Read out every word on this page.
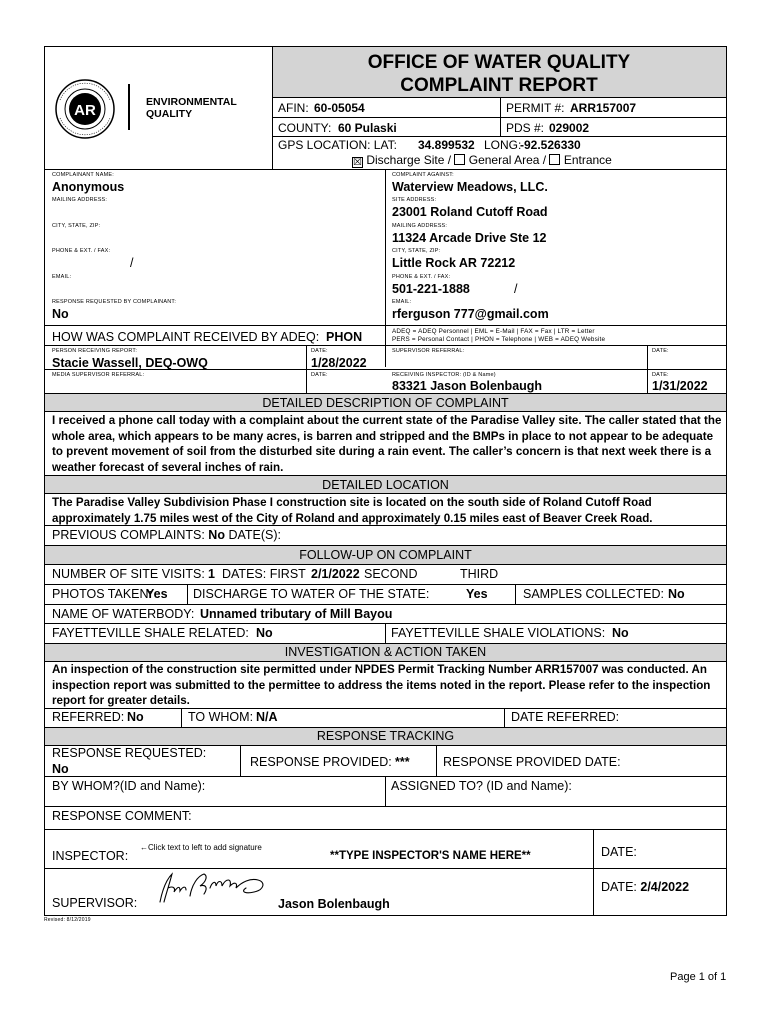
OFFICE OF WATER QUALITY
COMPLAINT REPORT
AR	ENVIRONMENTAL
QUALITY	AFIN: 60-05054	PERMIT #: ARR157007
COUNTY: 60 Pulaski	PDS #: 029002
GPS LOCATION: LAT: 34.899532 LONG:
-92.526330
☒ Discharge Site / General Area / Entrance
COMPLAINANT NAME:
Anonymous
MAILING ADDRESS:
CITY, STATE, ZIP:
PHONE & EXT. / FAX:
/
EMAIL:
RESPONSE REQUESTED BY COMPLAINANT:
No
COMPLAINT AGAINST:
Waterview Meadows, LLC.
SITE ADDRESS:
23001 Roland Cutoff Road
MAILING ADDRESS:
11324 Arcade Drive Ste 12
CITY, STATE, ZIP:
Little Rock AR 72212
PHONE & EXT. / FAX:
501-221-1888	/
EMAIL:
rferguson 777@gmail.com
HOW WAS COMPLAINT RECEIVED BY ADEQ: PHON	ADEQ = ADEQ Personnel | EML = E-Mail | FAX = Fax | LTR = Letter
PERS = Personal Contact | PHON = Telephone | WEB = ADEQ Website
PERSON RECEIVING REPORT:
Stacie Wassell, DEQ-OWQ
DATE:
1/28/2022
SUPERVISOR REFERRAL:	DATE:
MEDIA SUPERVISOR REFERRAL:	DATE:	RECEIVING INSPECTOR: (ID & Name)
83321 Jason Bolenbaugh
DATE:
1/31/2022
DETAILED DESCRIPTION OF COMPLAINT
I received a phone call today with a complaint about the current state of the Paradise Valley site. The caller stated that the whole area, which appears to be many acres, is barren and stripped and the BMPs in place to not appear to be adequate to prevent movement of soil from the disturbed site during a rain event. The caller’s concern is that next week there is a weather forecast of several inches of rain.
DETAILED LOCATION
The Paradise Valley Subdivision Phase I construction site is located on the south side of Roland Cutoff Road approximately 1.75 miles west of the City of Roland and approximately 0.15 miles east of Beaver Creek Road.
PREVIOUS COMPLAINTS: No DATE(S):
FOLLOW-UP ON COMPLAINT
NUMBER OF SITE VISITS: 1 DATES: FIRST 2/1/2022 SECOND	THIRD
PHOTOS TAKEN:
Yes DISCHARGE TO WATER OF THE STATE:	Yes	SAMPLES COLLECTED: No
NAME OF WATERBODY: Unnamed tributary of Mill Bayou
FAYETTEVILLE SHALE RELATED: No	FAYETTEVILLE SHALE VIOLATIONS: No
INVESTIGATION & ACTION TAKEN
An inspection of the construction site permitted under NPDES Permit Tracking Number ARR157007 was conducted. An inspection report was submitted to the permittee to address the items noted in the report. Please refer to the inspection report for greater details.
REFERRED: No	TO WHOM: N/A	DATE REFERRED:
RESPONSE TRACKING
RESPONSE REQUESTED:
No	RESPONSE PROVIDED: ***	RESPONSE PROVIDED DATE:
BY WHOM?(ID and Name):	ASSIGNED TO? (ID and Name):
RESPONSE COMMENT:
INSPECTOR:
←Click text to left to add signature
**TYPE INSPECTOR'S NAME HERE**	DATE:
SUPERVISOR:	Jason Bolenbaugh
DATE: 2/4/2022
Revised: 8/12/2019
Page 1 of 1
